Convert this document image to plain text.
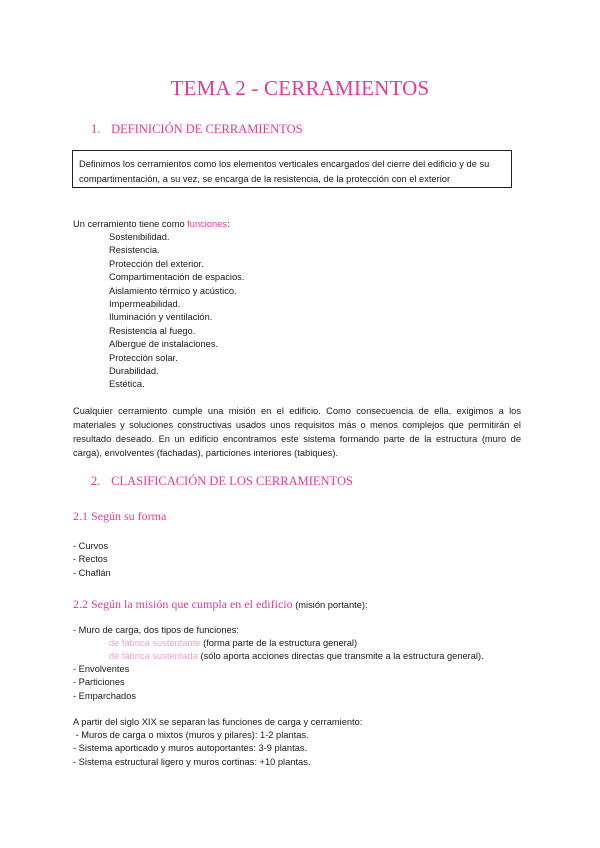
TEMA 2 - CERRAMIENTOS
1. DEFINICIÓN DE CERRAMIENTOS
Definimos los cerramientos como los elementos verticales encargados del cierre del edificio y de su compartimentación, a su vez, se encarga de la resistencia, de la protección con el exterior
Un cerramiento tiene como funciones:
Sostenibilidad.
Resistencia.
Protección del exterior.
Compartimentación de espacios.
Aislamiento térmico y acústico.
Impermeabilidad.
Iluminación y ventilación.
Resistencia al fuego.
Albergue de instalaciones.
Protección solar.
Durabilidad.
Estética.
Cualquier cerramiento cumple una misión en el edificio. Como consecuencia de ella, exigimos a los materiales y soluciones constructivas usados unos requisitos más o menos complejos que permitirán el resultado deseado. En un edificio encontramos este sistema formando parte de la estructura (muro de carga), envolventes (fachadas), particiones interiores (tabiques).
2. CLASIFICACIÓN DE LOS CERRAMIENTOS
2.1 Según su forma
- Curvos
- Rectos
- Chaflán
2.2 Según la misión que cumpla en el edificio (misión portante):
- Muro de carga, dos tipos de funciones:
de fábrica sustentante (forma parte de la estructura general)
de fábrica sustentada (sólo aporta acciones directas que transmite a la estructura general).
- Envolventes
- Particiones
- Emparchados
A partir del siglo XIX se separan las funciones de carga y cerramiento:
- Muros de carga o mixtos (muros y pilares): 1-2 plantas.
- Sistema aporticado y muros autoportantes: 3-9 plantas.
- Sistema estructural ligero y muros cortinas: +10 plantas.
